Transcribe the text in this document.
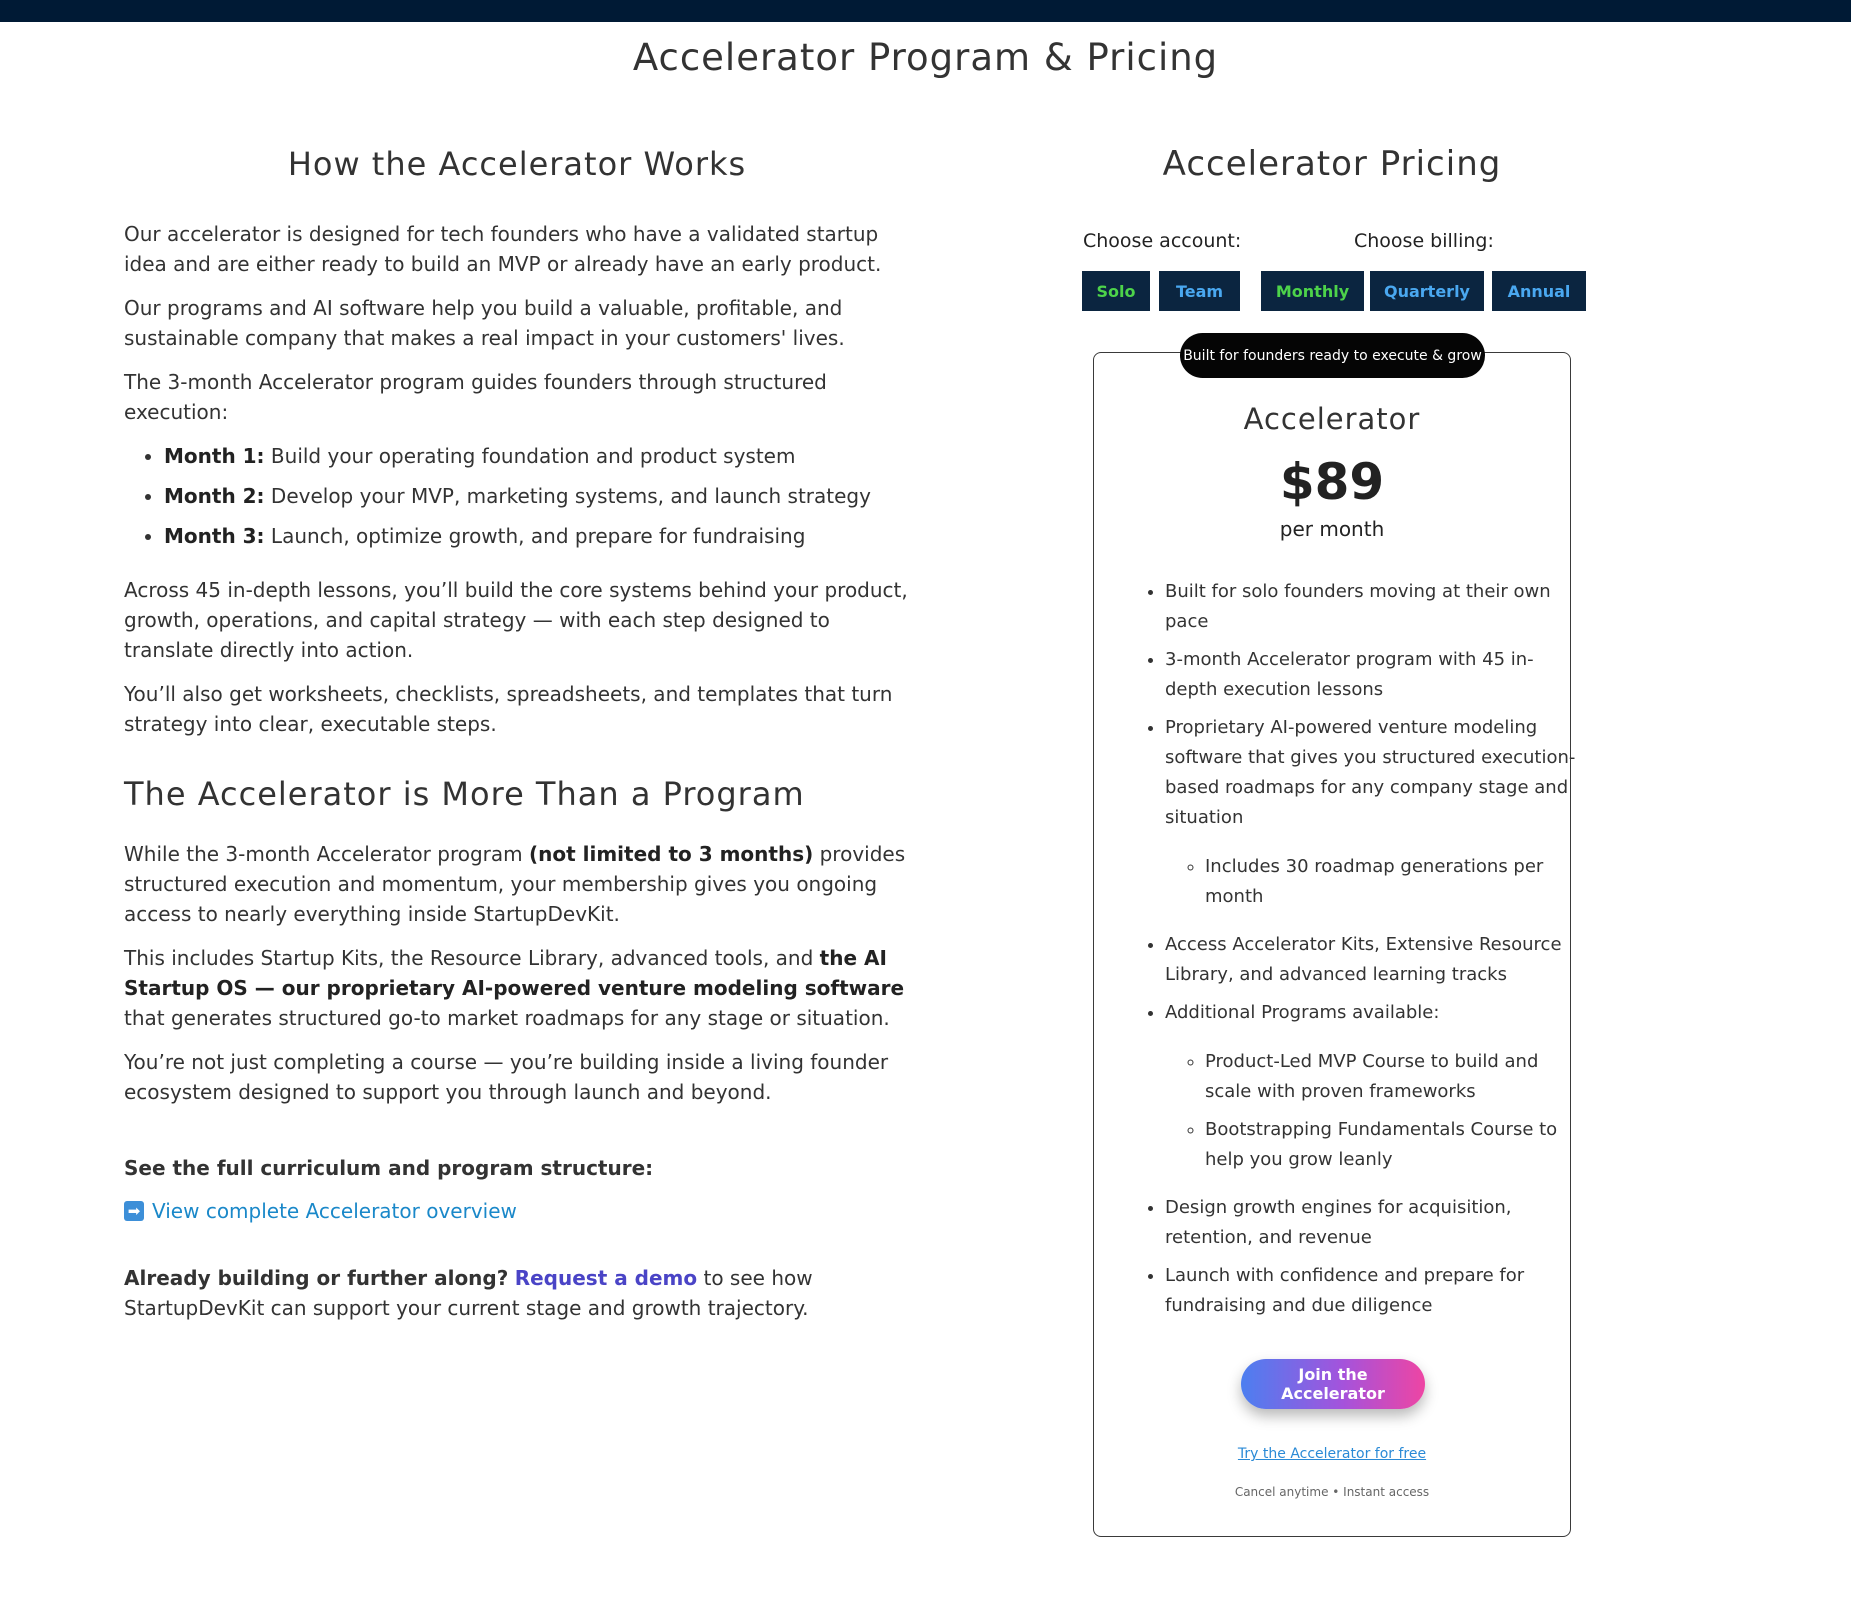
Accelerator Program & Pricing
How the Accelerator Works

Our accelerator is designed for tech founders who have a validated startup idea and are either ready to build an MVP or already have an early product.

Our programs and AI software help you build a valuable, profitable, and sustainable company that makes a real impact in your customers' lives.

The 3-month Accelerator program guides founders through structured execution:

• Month 1: Build your operating foundation and product system
• Month 2: Develop your MVP, marketing systems, and launch strategy
• Month 3: Launch, optimize growth, and prepare for fundraising

Across 45 in-depth lessons, you’ll build the core systems behind your product, growth, operations, and capital strategy — with each step designed to translate directly into action.

You’ll also get worksheets, checklists, spreadsheets, and templates that turn strategy into clear, executable steps.

The Accelerator is More Than a Program

While the 3-month Accelerator program (not limited to 3 months) provides structured execution and momentum, your membership gives you ongoing access to nearly everything inside StartupDevKit.

This includes Startup Kits, the Resource Library, advanced tools, and the AI Startup OS — our proprietary AI-powered venture modeling software that generates structured go-to market roadmaps for any stage or situation.

You’re not just completing a course — you’re building inside a living founder ecosystem designed to support you through launch and beyond.

See the full curriculum and program structure:

➡ View complete Accelerator overview

Already building or further along? Request a demo to see how StartupDevKit can support your current stage and growth trajectory.

Accelerator Pricing
Choose account:	Choose billing:
Solo	Team	Monthly	Quarterly	Annual
Accelerator
$89
per month
• Built for solo founders moving at their own pace
• 3-month Accelerator program with 45 in-depth execution lessons
• Proprietary AI-powered venture modeling software that gives you structured execution-based roadmaps for any company stage and situation
◦ Includes 30 roadmap generations per month
• Access Accelerator Kits, Extensive Resource Library, and advanced learning tracks
• Additional Programs available:
◦ Product-Led MVP Course to build and scale with proven frameworks
◦ Bootstrapping Fundamentals Course to help you grow leanly
• Design growth engines for acquisition, retention, and revenue
• Launch with confidence and prepare for fundraising and due diligence
Join the Accelerator
Try the Accelerator for free
Cancel anytime • Instant access
Built for founders ready to execute & grow
